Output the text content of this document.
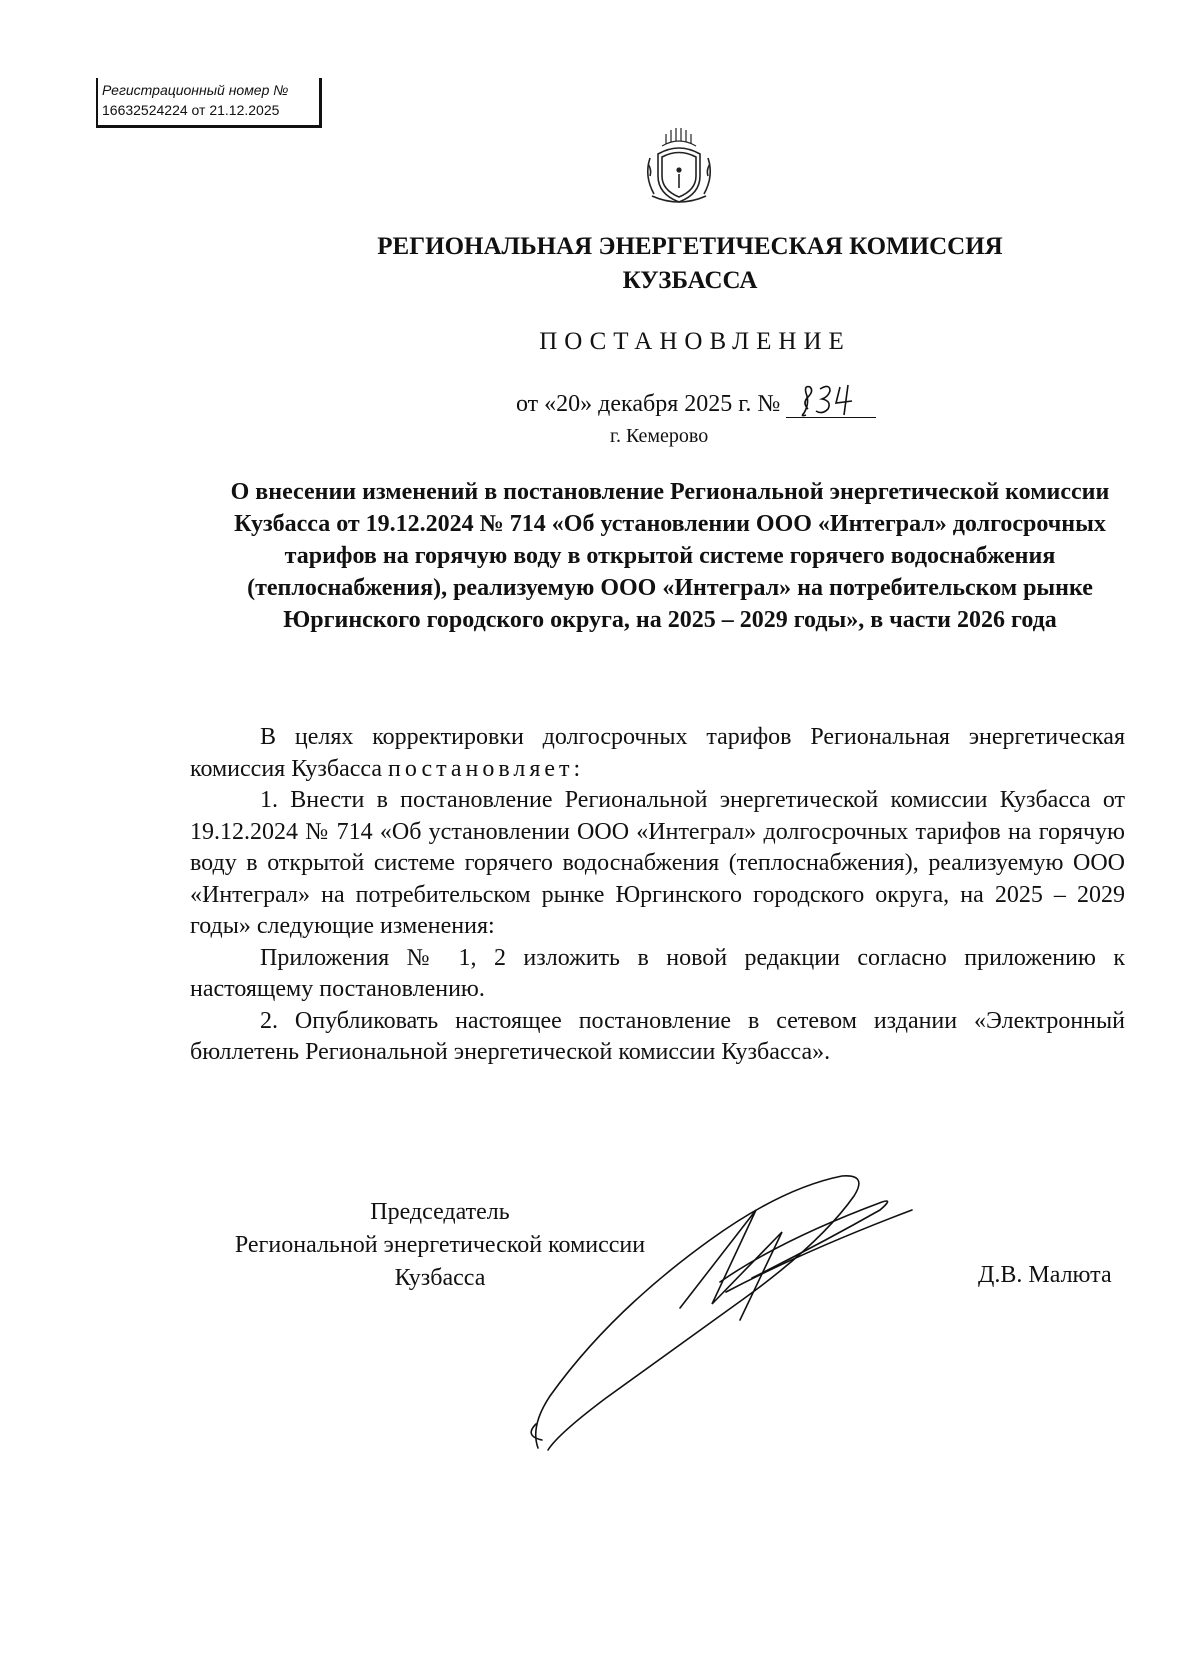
Регистрационный номер №
16632524224 от 21.12.2025
РЕГИОНАЛЬНАЯ ЭНЕРГЕТИЧЕСКАЯ КОМИССИЯ
КУЗБАССА
ПОСТАНОВЛЕНИЕ
от «20» декабря 2025 г. №
г. Кемерово
О внесении изменений в постановление Региональной энергетической комиссии Кузбасса от 19.12.2024 № 714 «Об установлении ООО «Интеграл» долгосрочных тарифов на горячую воду в открытой системе горячего водоснабжения (теплоснабжения), реализуемую ООО «Интеграл» на потребительском рынке Юргинского городского округа, на 2025 – 2029 годы», в части 2026 года

В целях корректировки долгосрочных тарифов Региональная энергетическая комиссия Кузбасса постановляет:

1. Внести в постановление Региональной энергетической комиссии Кузбасса от 19.12.2024 № 714 «Об установлении ООО «Интеграл» долгосрочных тарифов на горячую воду в открытой системе горячего водоснабжения (теплоснабжения), реализуемую ООО «Интеграл» на потребительском рынке Юргинского городского округа, на 2025 – 2029 годы» следующие изменения:

Приложения № 1, 2 изложить в новой редакции согласно приложению к настоящему постановлению.

2. Опубликовать настоящее постановление в сетевом издании «Электронный бюллетень Региональной энергетической комиссии Кузбасса».

Председатель
Региональной энергетической комиссии
Кузбасса	Д.В. Малюта
